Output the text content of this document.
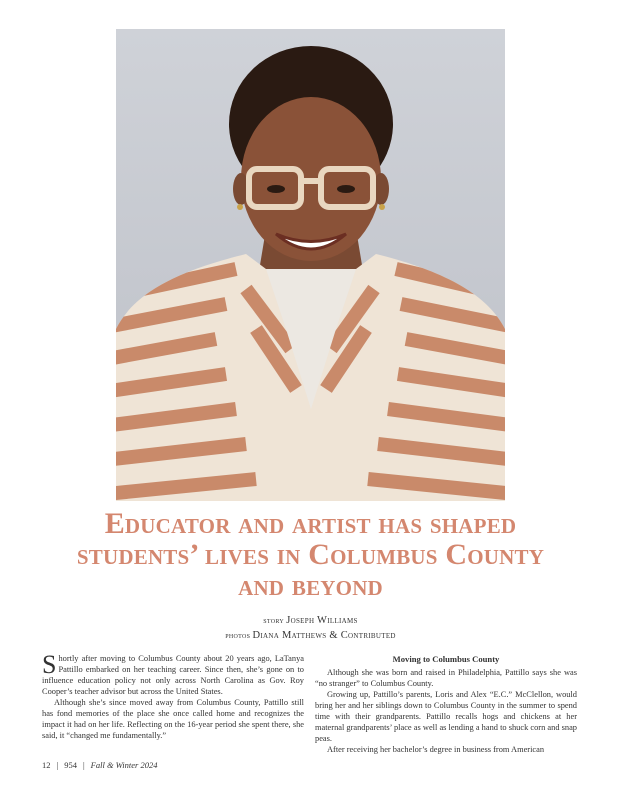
Educator and artist has shaped
students’ lives in Columbus County
and beyond
story Joseph Williams
photos Diana Matthews & Contributed

Shortly after moving to Columbus County about 20 years ago, LaTanya Pattillo embarked on her teaching career. Since then, she’s gone on to influence education policy not only across North Carolina as Gov. Roy Cooper’s teacher advisor but across the United States.

Although she’s since moved away from Columbus County, Pattillo still has fond memories of the place she once called home and recognizes the impact it had on her life. Reflecting on the 16-year period she spent there, she said, it “changed me fundamentally.”

Moving to Columbus County

Although she was born and raised in Philadelphia, Pattillo says she was “no stranger” to Columbus County.

Growing up, Pattillo’s parents, Loris and Alex “E.C.” McClellon, would bring her and her siblings down to Columbus County in the summer to spend time with their grandparents. Pattillo recalls hogs and chickens at her maternal grandparents’ place as well as lending a hand to shuck corn and snap peas.

After receiving her bachelor’s degree in business from American

12 | 954 | Fall & Winter 2024
